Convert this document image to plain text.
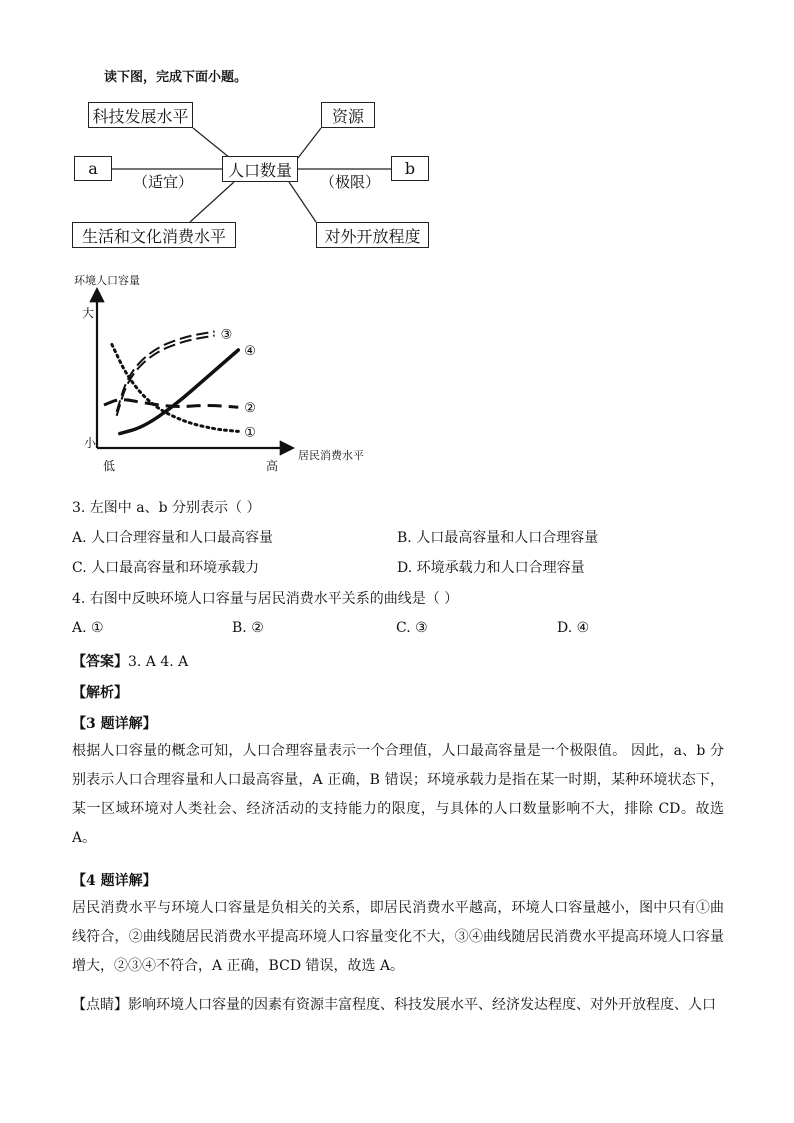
读下图，完成下面小题。
科技发展水平	资源
a	人口数量	b
生活和文化消费水平	对外开放程度
（适宜）	（极限）
环境人口容量
大
小
低	高
居民消费水平
①
②
③
④
3. 左图中 a、b 分别表示（ ）
A. 人口合理容量和人口最高容量	B. 人口最高容量和人口合理容量
C. 人口最高容量和环境承载力	D. 环境承载力和人口合理容量
4. 右图中反映环境人口容量与居民消费水平关系的曲线是（ ）
A. ①	B. ②	C. ③	D. ④
【答案】3. A 4. A
【解析】
【3 题详解】
根据人口容量的概念可知，人口合理容量表示一个合理值，人口最高容量是一个极限值。 因此，a、b 分别表示人口合理容量和人口最高容量，A 正确，B 错误；环境承载力是指在某一时期，某种环境状态下，某一区域环境对人类社会、经济活动的支持能力的限度，与具体的人口数量影响不大，排除 CD。故选 A。
【4 题详解】
居民消费水平与环境人口容量是负相关的关系，即居民消费水平越高，环境人口容量越小，图中只有①曲线符合，②曲线随居民消费水平提高环境人口容量变化不大，③④曲线随居民消费水平提高环境人口容量增大，②③④不符合，A 正确，BCD 错误，故选 A。
【点睛】影响环境人口容量的因素有资源丰富程度、科技发展水平、经济发达程度、对外开放程度、人口
